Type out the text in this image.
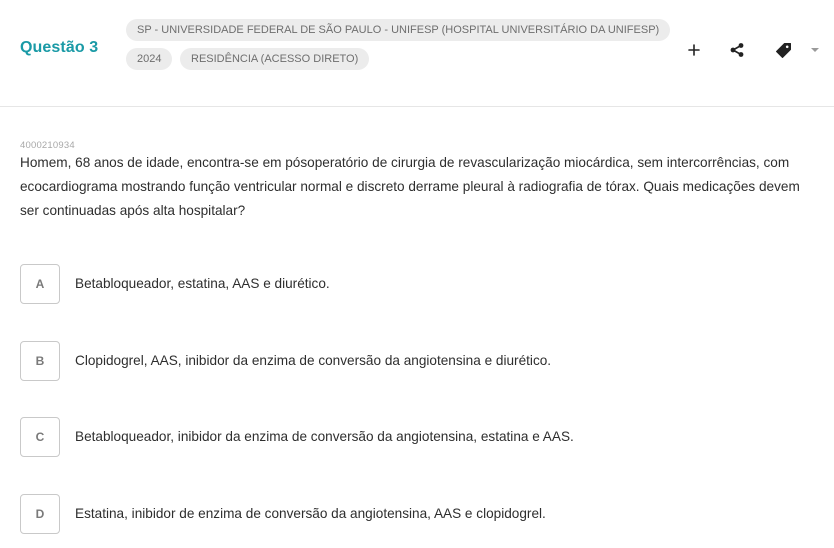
Questão 3
SP - UNIVERSIDADE FEDERAL DE SÃO PAULO - UNIFESP (HOSPITAL UNIVERSITÁRIO DA UNIFESP)
2024	RESIDÊNCIA (ACESSO DIRETO)
4000210934
Homem, 68 anos de idade, encontra-se em pósoperatório de cirurgia de revascularização miocárdica, sem intercorrências, com ecocardiograma mostrando função ventricular normal e discreto derrame pleural à radiografia de tórax. Quais medicações devem ser continuadas após alta hospitalar?
A	Betabloqueador, estatina, AAS e diurético.
B	Clopidogrel, AAS, inibidor da enzima de conversão da angiotensina e diurético.
C	Betabloqueador, inibidor da enzima de conversão da angiotensina, estatina e AAS.
D	Estatina, inibidor de enzima de conversão da angiotensina, AAS e clopidogrel.
